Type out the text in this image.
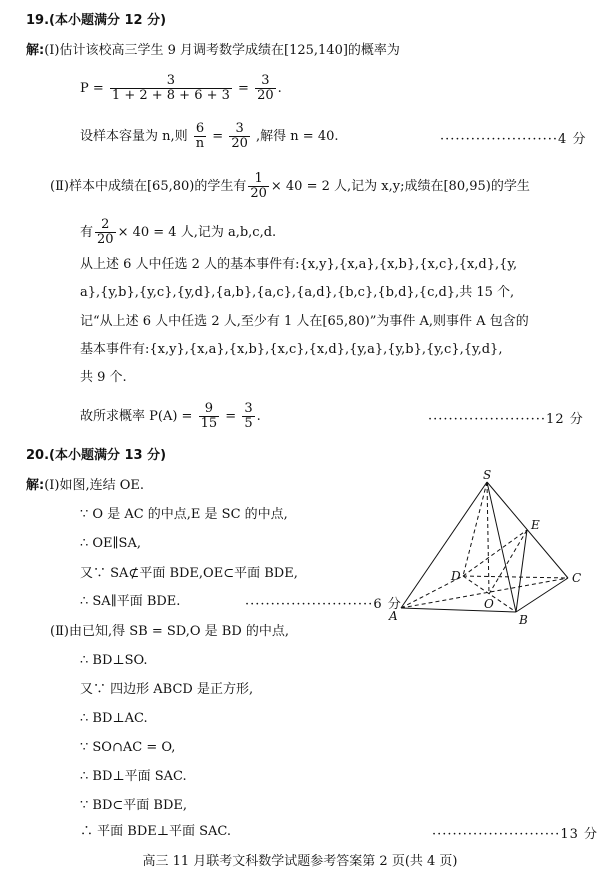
19.(本小题满分 12 分)
解:(Ⅰ)估计该校高三学生 9 月调考数学成绩在[125,140]的概率为
$P = \frac{3}{1 + 2 + 8 + 6 + 3} = \frac{3}{20}$ .
设样本容量为 n,则 $\frac{6}{n} = \frac{3}{20}$ ,解得 n = 40.	·······················4 分
(Ⅱ)样本中成绩在[65,80)的学生有 $\frac{1}{20} \times 40 = 2$ 人,记为 x,y;成绩在[80,95)的学生
有 $\frac{2}{20} \times 40 = 4$ 人,记为 a,b,c,d.
从上述 6 人中任选 2 人的基本事件有:{x,y},{x,a},{x,b},{x,c},{x,d},{y,
a},{y,b},{y,c},{y,d},{a,b},{a,c},{a,d},{b,c},{b,d},{c,d},共 15 个,
记“从上述 6 人中任选 2 人,至少有 1 人在[65,80)”为事件 A,则事件 A 包含的
基本事件有:{x,y},{x,a},{x,b},{x,c},{x,d},{y,a},{y,b},{y,c},{y,d},
共 9 个.
故所求概率 $P(A) = \frac{9}{15} = \frac{3}{5}$ .	·······················12 分
20.(本小题满分 13 分)
解:(Ⅰ)如图,连结 OE.
∵ O 是 AC 的中点,E 是 SC 的中点,
∴ OE∥SA,
又∵ SA⊄平面 BDE,OE⊂平面 BDE,
∴ SA∥平面 BDE.	·························6 分
(Ⅱ)由已知,得 SB = SD,O 是 BD 的中点,
∴ BD⊥SO.
又∵ 四边形 ABCD 是正方形,
∴ BD⊥AC.
∵ SO∩AC = O,
∴ BD⊥平面 SAC.
∵ BD⊂平面 BDE,
∴ 平面 BDE⊥平面 SAC.	·························13 分
S
E
D	C
O
A	B
高三 11 月联考文科数学试题参考答案第 2 页(共 4 页)
